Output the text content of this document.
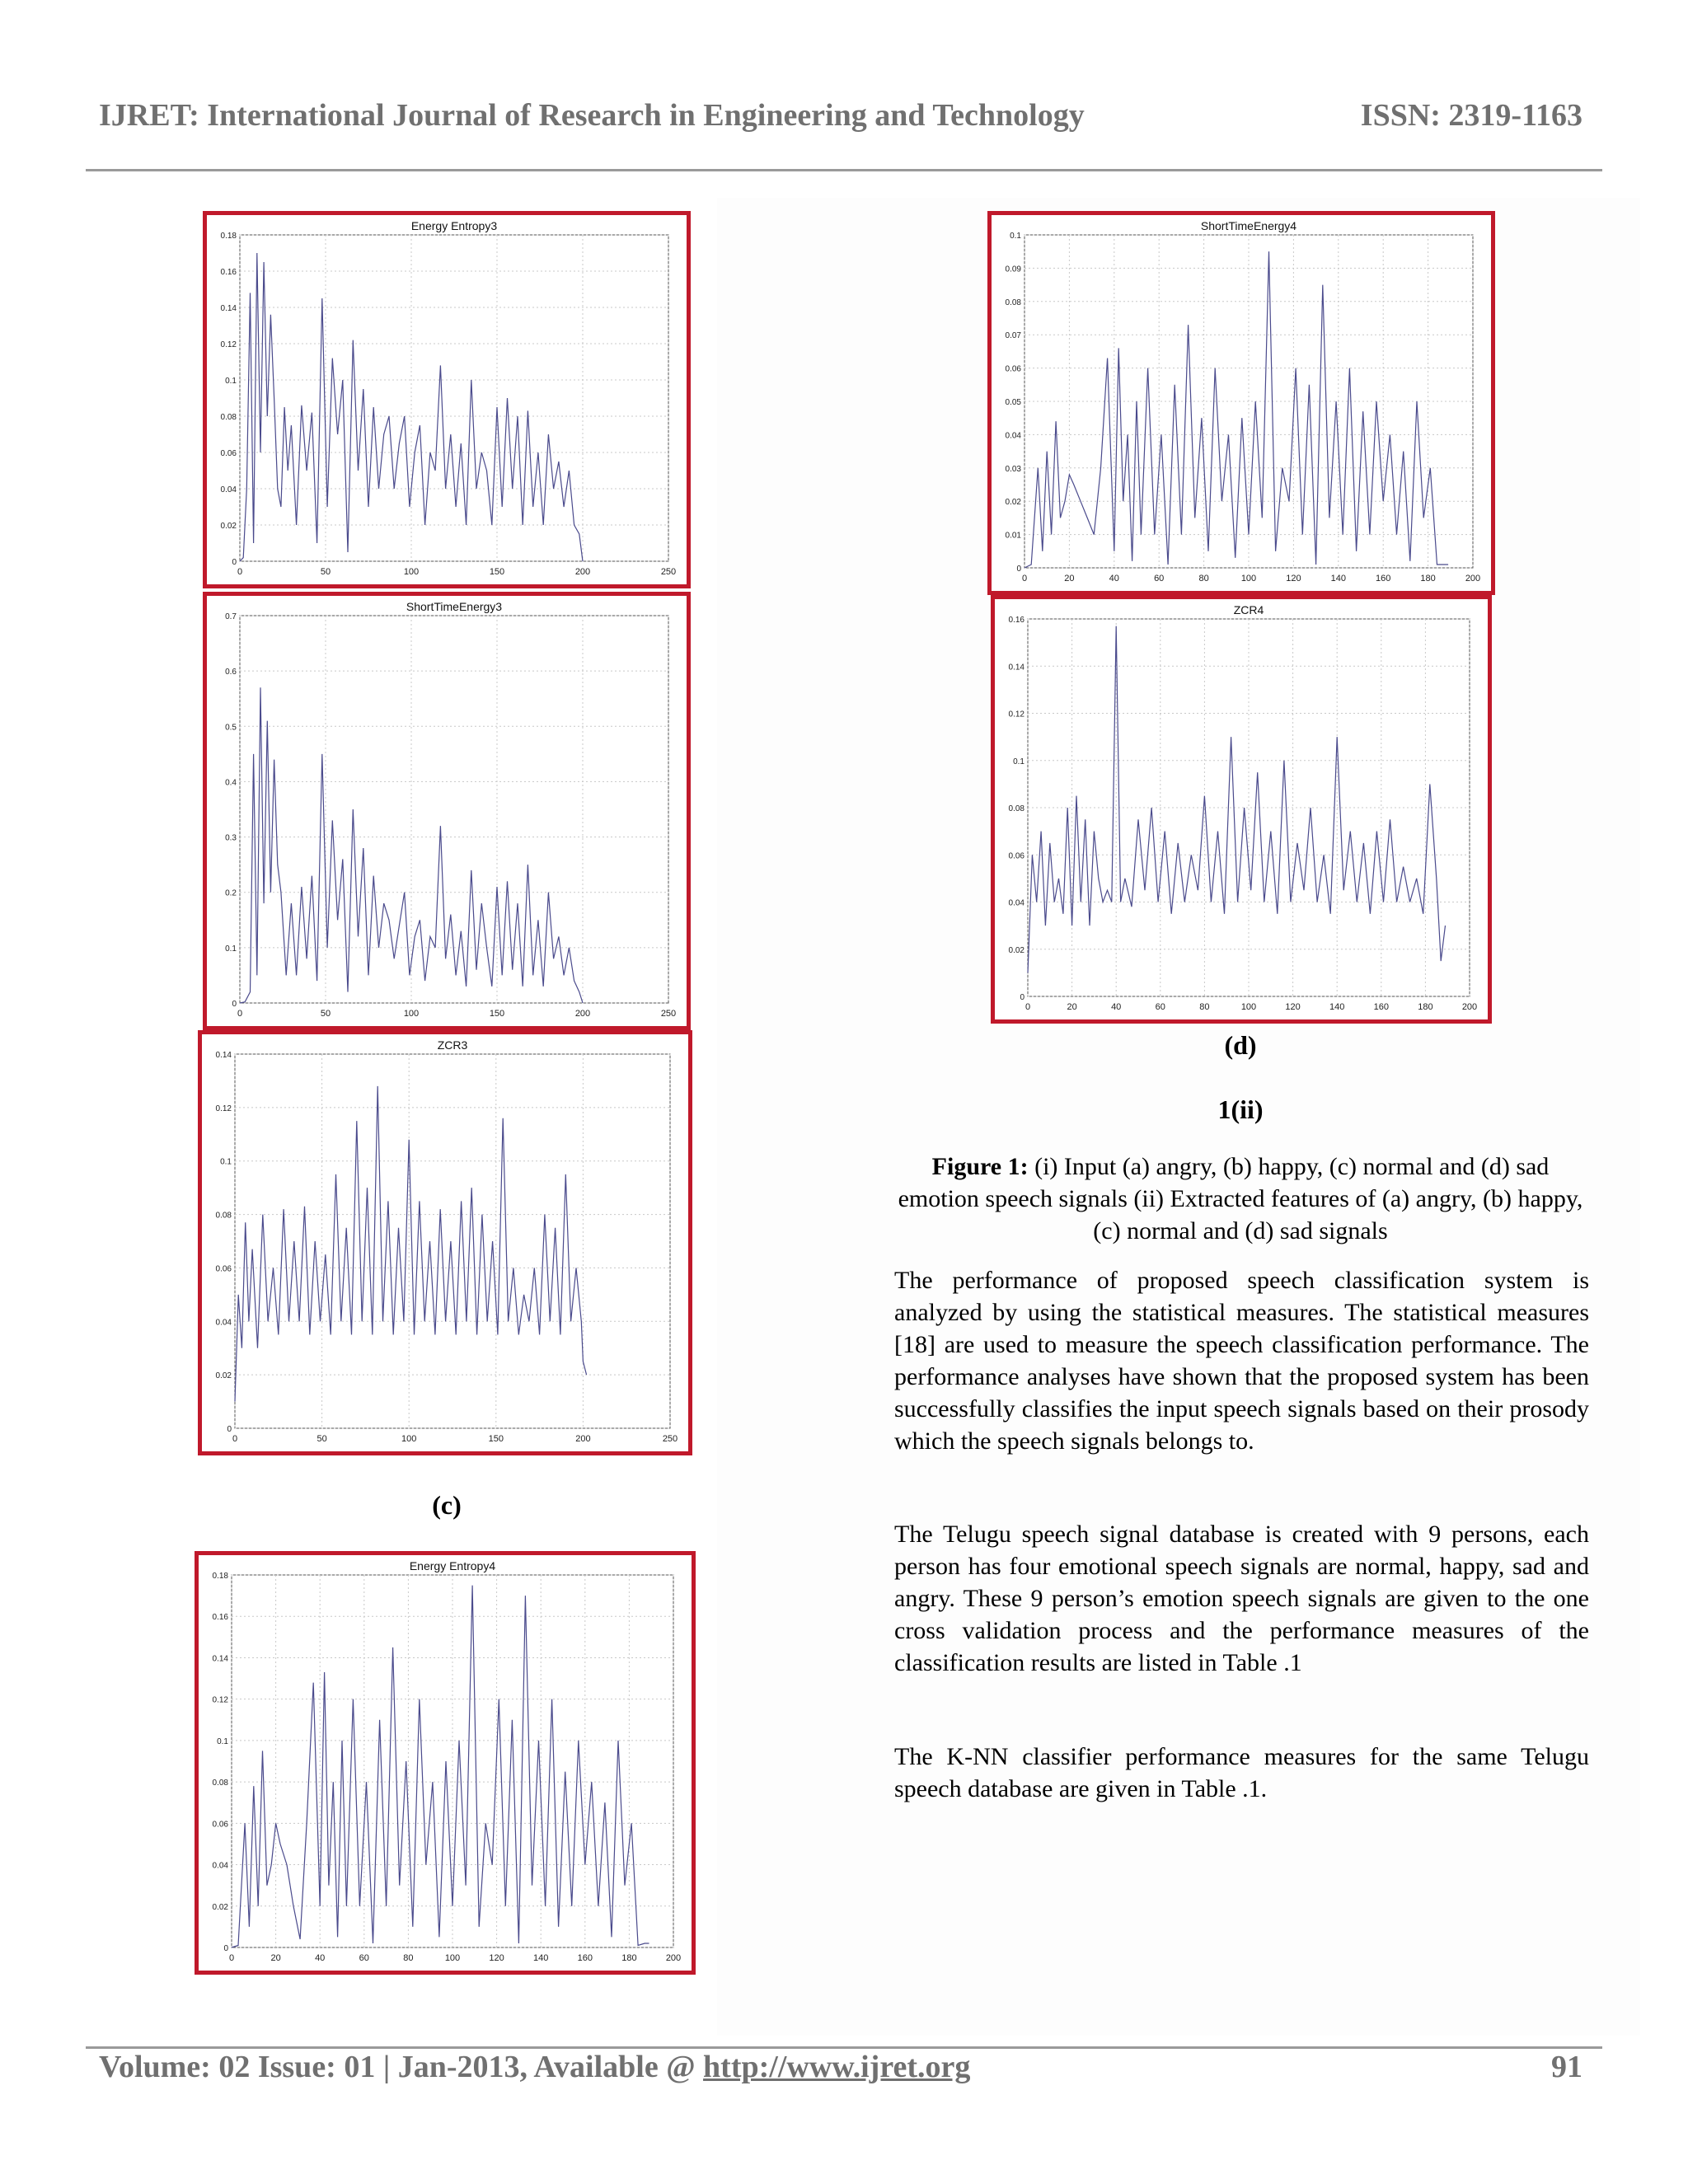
IJRET: International Journal of Research in Engineering and Technology	ISSN: 2319-1163
0	50	100	150	200	250
0
0.02
0.04
0.06
0.08
0.1
0.12
0.14
0.16
0.18
Energy Entropy3
0	50	100	150	200	250
0
0.1
0.2
0.3
0.4
0.5
0.6
0.7
ShortTimeEnergy3
0	50	100	150	200	250
0
0.02
0.04
0.06
0.08
0.1
0.12
0.14
ZCR3
(c)
0	20	40	60	80	100	120	140	160	180	200
0
0.02
0.04
0.06
0.08
0.1
0.12
0.14
0.16
0.18
Energy Entropy4
0	20	40	60	80	100	120	140	160	180	200
0
0.01
0.02
0.03
0.04
0.05
0.06
0.07
0.08
0.09
0.1
ShortTimeEnergy4
0	20	40	60	80	100	120	140	160	180	200
0
0.02
0.04
0.06
0.08
0.1
0.12
0.14
0.16
ZCR4
(d)
1(ii)
Figure 1: (i) Input (a) angry, (b) happy, (c) normal and (d) sad emotion speech signals (ii) Extracted features of (a) angry, (b) happy, (c) normal and (d) sad signals

The performance of proposed speech classification system is analyzed by using the statistical measures. The statistical measures [18] are used to measure the speech classification performance. The performance analyses have shown that the proposed system has been successfully classifies the input speech signals based on their prosody which the speech signals belongs to.

The Telugu speech signal database is created with 9 persons, each person has four emotional speech signals are normal, happy, sad and angry. These 9 person’s emotion speech signals are given to the one cross validation process and the performance measures of the classification results are listed in Table .1

The K-NN classifier performance measures for the same Telugu speech database are given in Table .1.

Volume: 02 Issue: 01 | Jan-2013, Available @ http://www.ijret.org	91
